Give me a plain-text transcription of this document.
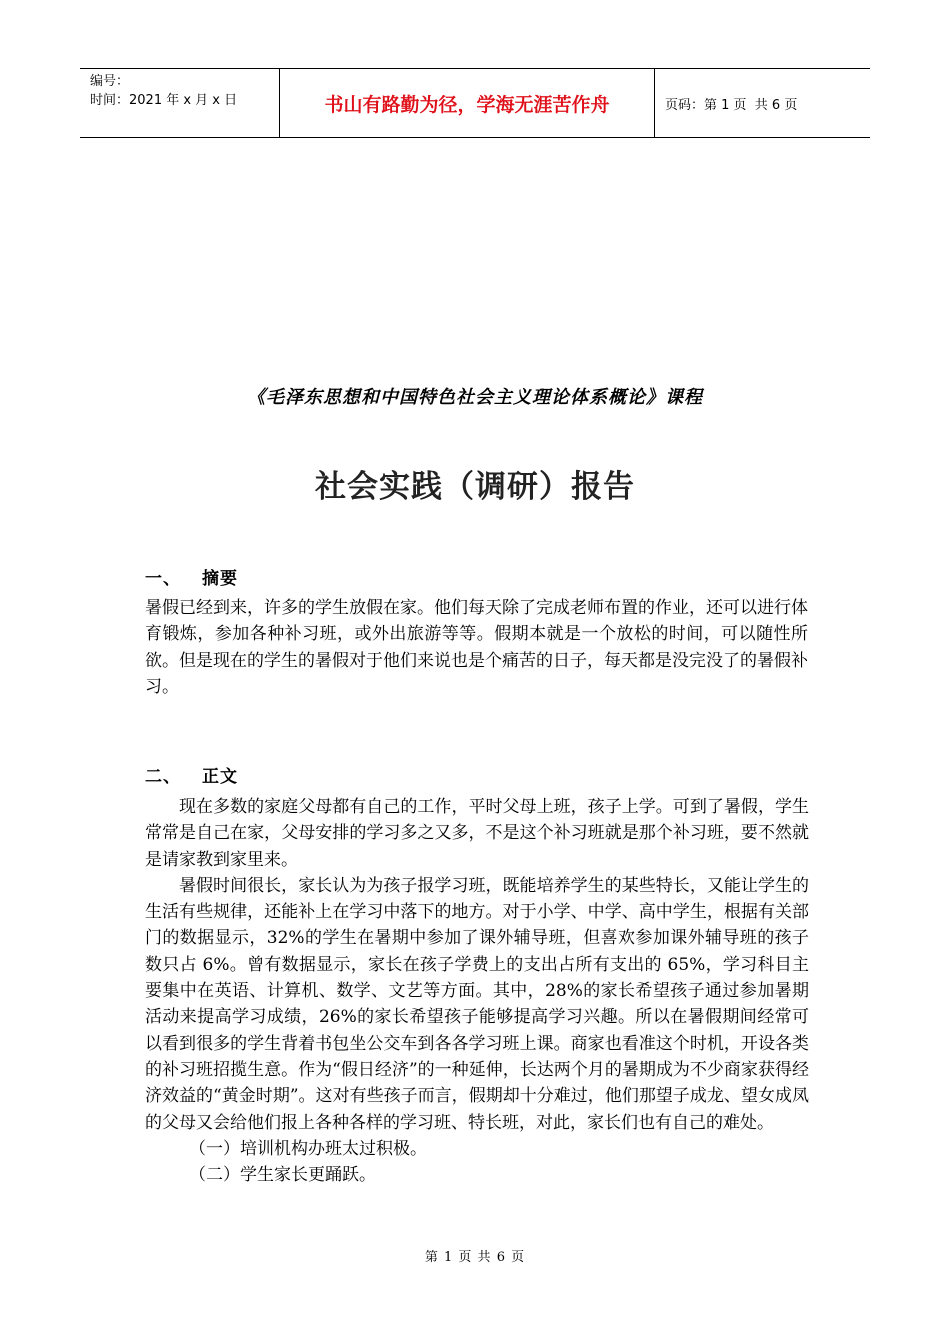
编号：
时间：2021 年 x 月 x 日	书山有路勤为径，学海无涯苦作舟	页码：第 1 页  共 6 页
《毛泽东思想和中国特色社会主义理论体系概论》课程
社会实践（调研）报告
一、 摘要

暑假已经到来，许多的学生放假在家。他们每天除了完成老师布置的作业，还可以进行体育锻炼，参加各种补习班，或外出旅游等等。假期本就是一个放松的时间，可以随性所欲。但是现在的学生的暑假对于他们来说也是个痛苦的日子，每天都是没完没了的暑假补习。

二、 正文

现在多数的家庭父母都有自己的工作，平时父母上班，孩子上学。可到了暑假，学生常常是自己在家，父母安排的学习多之又多，不是这个补习班就是那个补习班，要不然就是请家教到家里来。

暑假时间很长，家长认为为孩子报学习班，既能培养学生的某些特长，又能让学生的生活有些规律，还能补上在学习中落下的地方。对于小学、中学、高中学生，根据有关部门的数据显示，32%的学生在暑期中参加了课外辅导班，但喜欢参加课外辅导班的孩子数只占 6%。曾有数据显示，家长在孩子学费上的支出占所有支出的 65%，学习科目主要集中在英语、计算机、数学、文艺等方面。其中，28%的家长希望孩子通过参加暑期活动来提高学习成绩，26%的家长希望孩子能够提高学习兴趣。所以在暑假期间经常可以看到很多的学生背着书包坐公交车到各各学习班上课。商家也看准这个时机，开设各类的补习班招揽生意。作为“假日经济”的一种延伸，长达两个月的暑期成为不少商家获得经济效益的“黄金时期”。这对有些孩子而言，假期却十分难过，他们那望子成龙、望女成凤的父母又会给他们报上各种各样的学习班、特长班，对此，家长们也有自己的难处。

（一）培训机构办班太过积极。

（二）学生家长更踊跃。

第 1 页 共 6 页
